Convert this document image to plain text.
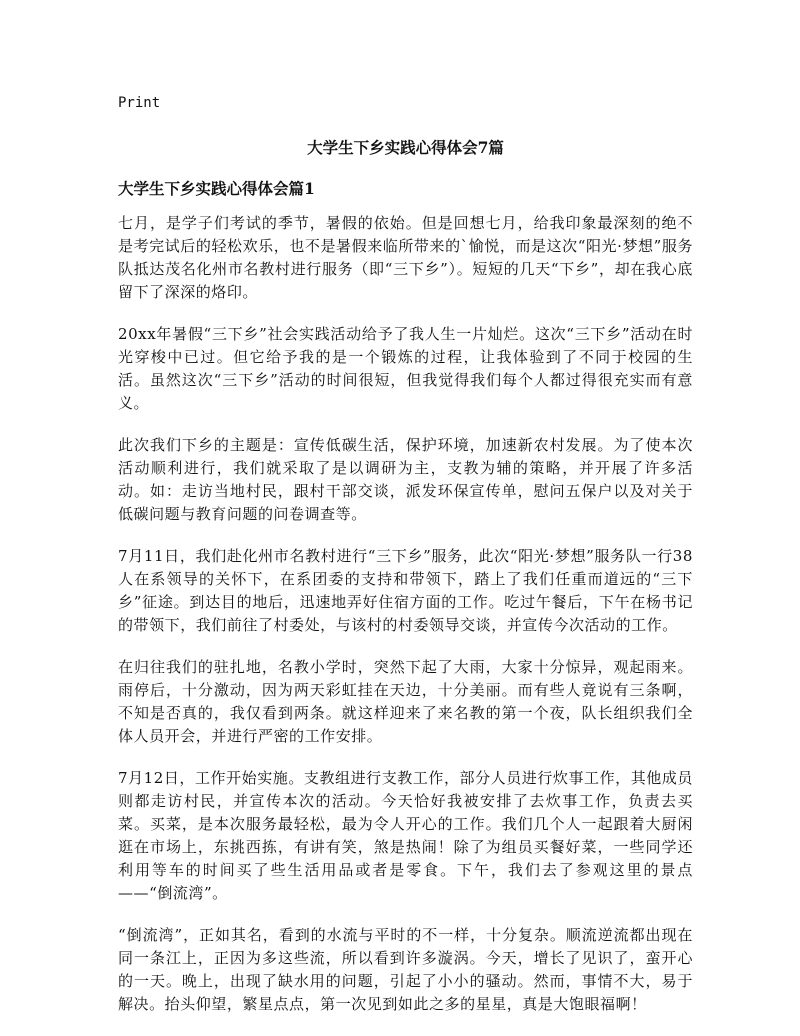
Print
大学生下乡实践心得体会7篇
大学生下乡实践心得体会篇1

七月，是学子们考试的季节，暑假的依始。但是回想七月，给我印象最深刻的绝不是考完试后的轻松欢乐，也不是暑假来临所带来的`愉悦，而是这次“阳光·梦想”服务队抵达茂名化州市名教村进行服务（即“三下乡”）。短短的几天“下乡”，却在我心底留下了深深的烙印。

20xx年暑假“三下乡”社会实践活动给予了我人生一片灿烂。这次“三下乡”活动在时光穿梭中已过。但它给予我的是一个锻炼的过程，让我体验到了不同于校园的生活。虽然这次“三下乡”活动的时间很短，但我觉得我们每个人都过得很充实而有意义。

此次我们下乡的主题是：宣传低碳生活，保护环境，加速新农村发展。为了使本次活动顺利进行，我们就采取了是以调研为主，支教为辅的策略，并开展了许多活动。如：走访当地村民，跟村干部交谈，派发环保宣传单，慰问五保户以及对关于低碳问题与教育问题的问卷调查等。

7月11日，我们赴化州市名教村进行“三下乡”服务，此次“阳光·梦想”服务队一行38人在系领导的关怀下，在系团委的支持和带领下，踏上了我们任重而道远的“三下乡”征途。到达目的地后，迅速地弄好住宿方面的工作。吃过午餐后，下午在杨书记的带领下，我们前往了村委处，与该村的村委领导交谈，并宣传今次活动的工作。

在归往我们的驻扎地，名教小学时，突然下起了大雨，大家十分惊异，观起雨来。雨停后，十分激动，因为两天彩虹挂在天边，十分美丽。而有些人竟说有三条啊，不知是否真的，我仅看到两条。就这样迎来了来名教的第一个夜，队长组织我们全体人员开会，并进行严密的工作安排。

7月12日，工作开始实施。支教组进行支教工作，部分人员进行炊事工作，其他成员则都走访村民，并宣传本次的活动。今天恰好我被安排了去炊事工作，负责去买菜。买菜，是本次服务最轻松，最为令人开心的工作。我们几个人一起跟着大厨闲逛在市场上，东挑西拣，有讲有笑，煞是热闹！除了为组员买餐好菜，一些同学还利用等车的时间买了些生活用品或者是零食。下午，我们去了参观这里的景点——“倒流湾”。

“倒流湾”，正如其名，看到的水流与平时的不一样，十分复杂。顺流逆流都出现在同一条江上，正因为多这些流，所以看到许多漩涡。今天，增长了见识了，蛮开心的一天。晚上，出现了缺水用的问题，引起了小小的骚动。然而，事情不大，易于解决。抬头仰望，繁星点点，第一次见到如此之多的星星，真是大饱眼福啊！
